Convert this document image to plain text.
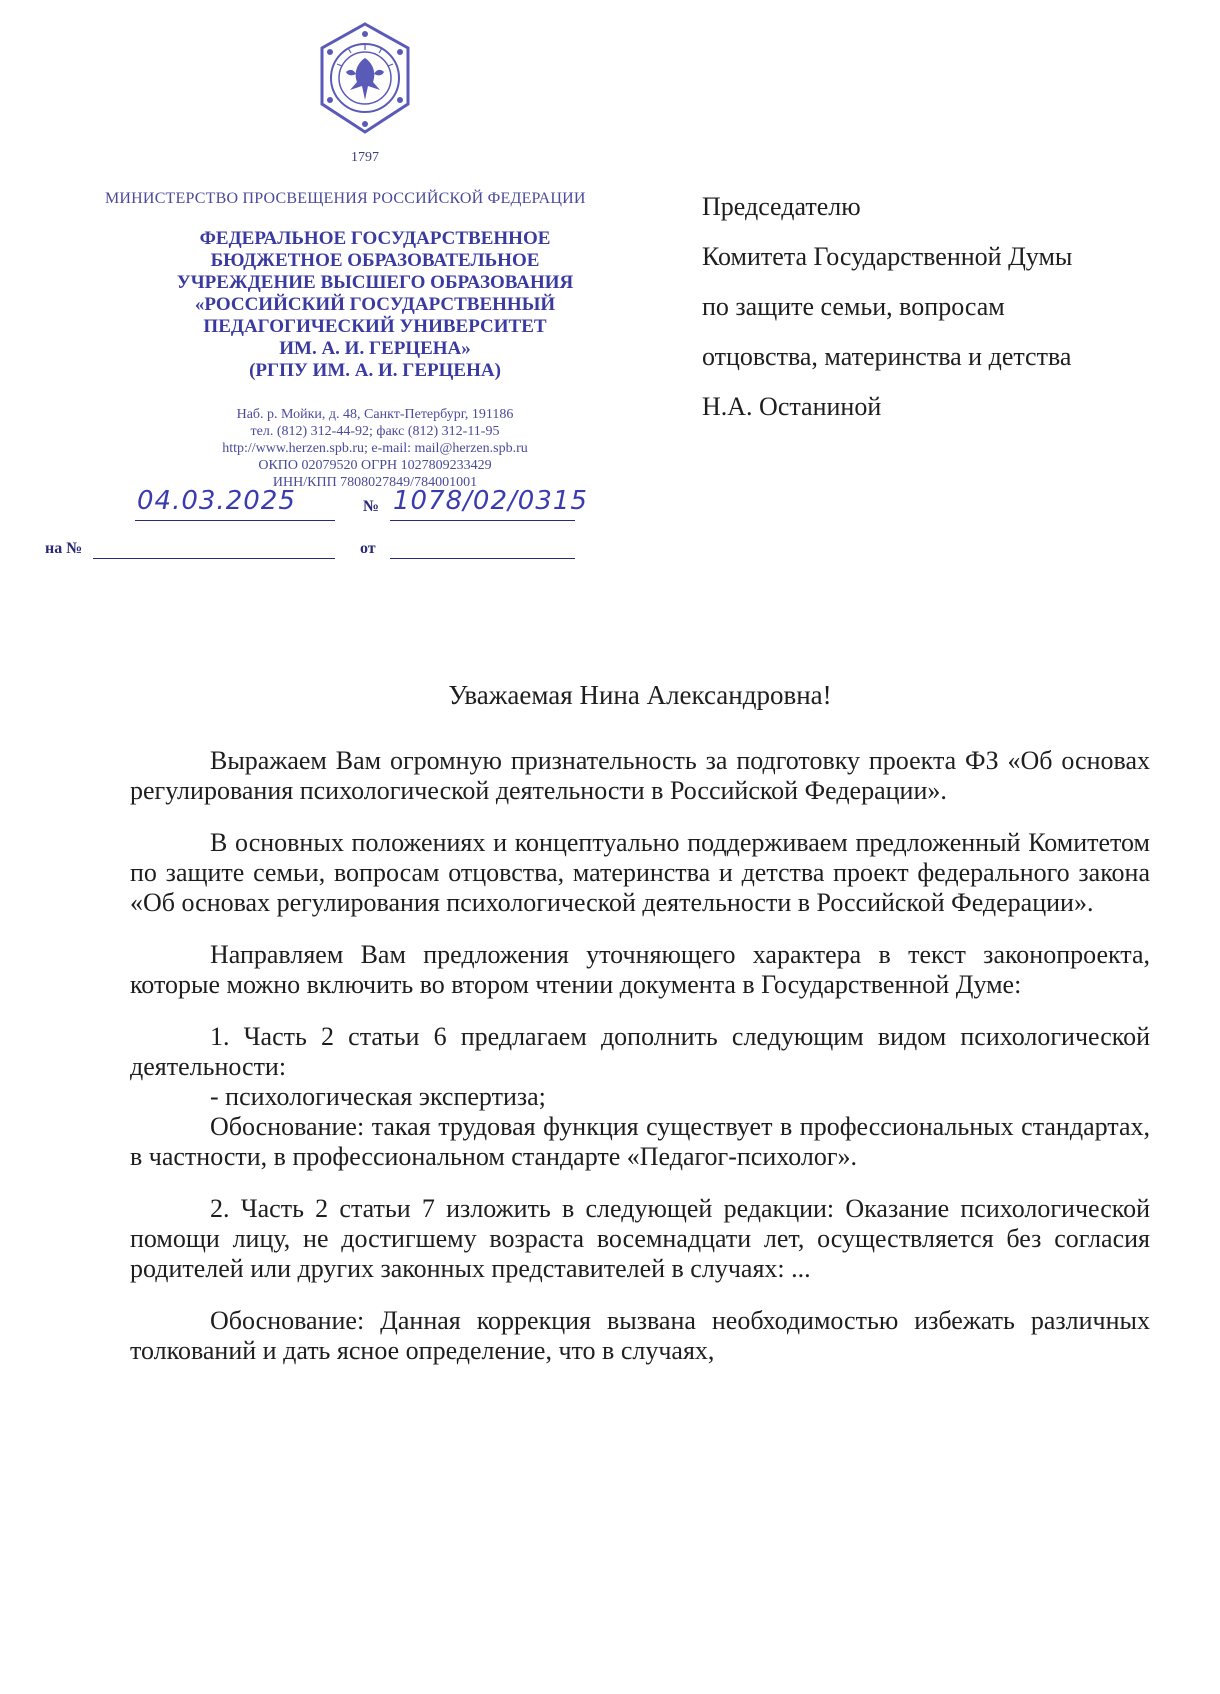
1797
МИНИСТЕРСТВО ПРОСВЕЩЕНИЯ РОССИЙСКОЙ ФЕДЕРАЦИИ
ФЕДЕРАЛЬНОЕ ГОСУДАРСТВЕННОЕ
БЮДЖЕТНОЕ ОБРАЗОВАТЕЛЬНОЕ
УЧРЕЖДЕНИЕ ВЫСШЕГО ОБРАЗОВАНИЯ
«РОССИЙСКИЙ ГОСУДАРСТВЕННЫЙ
ПЕДАГОГИЧЕСКИЙ УНИВЕРСИТЕТ
ИМ. А. И. ГЕРЦЕНА»
(РГПУ ИМ. А. И. ГЕРЦЕНА)
Наб. р. Мойки, д. 48, Санкт-Петербург, 191186
тел. (812) 312-44-92; факс (812) 312-11-95
http://www.herzen.spb.ru; e-mail: mail@herzen.spb.ru
ОКПО 02079520 ОГРН 1027809233429
ИНН/КПП 7808027849/784001001
04.03.2025	№ 1078/02/0315
на №	от
Председателю
Комитета Государственной Думы
по защите семьи, вопросам
отцовства, материнства и детства
Н.А. Останиной
Уважаемая Нина Александровна!

Выражаем Вам огромную признательность за подготовку проекта ФЗ «Об основах регулирования психологической деятельности в Российской Федерации».

В основных положениях и концептуально поддерживаем предложенный Комитетом по защите семьи, вопросам отцовства, материнства и детства проект федерального закона «Об основах регулирования психологической деятельности в Российской Федерации».

Направляем Вам предложения уточняющего характера в текст законопроекта, которые можно включить во втором чтении документа в Государственной Думе:

1. Часть 2 статьи 6 предлагаем дополнить следующим видом психологической деятельности:

- психологическая экспертиза;

Обоснование: такая трудовая функция существует в профессиональных стандартах, в частности, в профессиональном стандарте «Педагог-психолог».

2. Часть 2 статьи 7 изложить в следующей редакции: Оказание психологической помощи лицу, не достигшему возраста восемнадцати лет, осуществляется без согласия родителей или других законных представителей в случаях: ...

Обоснование: Данная коррекция вызвана необходимостью избежать различных толкований и дать ясное определение, что в случаях,
